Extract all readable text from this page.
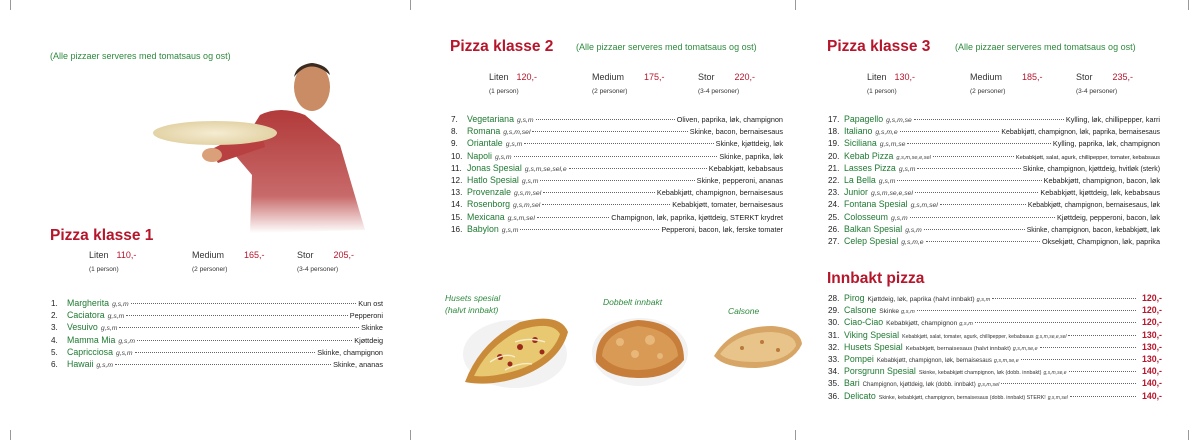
(Alle pizzaer serveres med tomatsaus og ost)
Pizza klasse 1
Liten 110,-
(1 person)
Medium 165,-
(2 personer)
Stor 205,-
(3-4 personer)
1.	Margherita g,s,m	Kun ost
2.	Caciatora g,s,m	Pepperoni
3.	Vesuivo g,s,m	Skinke
4.	Mamma Mia g,s,m	Kjøttdeig
5.	Capricciosa g,s,m	Skinke, champignon
6.	Hawaii g,s,m	Skinke, ananas
Pizza klasse 2	(Alle pizzaer serveres med tomatsaus og ost)
Liten 120,-
(1 person)
Medium 175,-
(2 personer)
Stor 220,-
(3-4 personer)
7.	Vegetariana g,s,m	Oliven, paprika, løk, champignon
8.	Romana g,s,m,sel	Skinke, bacon, bernaisesaus
9.	Oriantale g,s,m	Skinke, kjøttdeig, løk
10. Napoli g,s,m	Skinke, paprika, løk
11. Jonas Spesial g,s,m,se,sel,e	Kebabkjøtt, kebabsaus
12. Hatlo Spesial g,s,m	Skinke, pepperoni, ananas
13. Provenzale g,s,m,sel	Kebabkjøtt, champignon, bernaisesaus
14. Rosenborg g,s,m,sel	Kebabkjøtt, tomater, bernaisesaus
15. Mexicana g,s,m,sel	Champignon, løk, paprika, kjøttdeig, STERKT krydret
16. Babylon g,s,m	Pepperoni, bacon, løk, ferske tomater
Husets spesial
(halvt innbakt)
Dobbelt innbakt
Calsone
Pizza klasse 3	(Alle pizzaer serveres med tomatsaus og ost)
Liten 130,-
(1 person)
Medium 185,-
(2 personer)
Stor 235,-
(3-4 personer)
17. Papagello g,s,m,se	Kylling, løk, chillipepper, karri
18. Italiano g,s,m,e	Kebabkjøtt, champignon, løk, paprika, bernaisesaus
19. Siciliana g,s,m,se	Kylling, paprika, løk, champignon
20. Kebab Pizza g,s,m,se,e,sel	Kebabkjøtt, salat, agurk, chillipepper, tomater, kebabsaus
21. Lasses Pizza g,s,m	Skinke, champignon, kjøttdeig, hvitløk (sterk)
22. La Bella g,s,m	Kebabkjøtt, champignon, bacon, løk
23. Junior g,s,m,se,e,sel	Kebabkjøtt, kjøttdeig, løk, kebabsaus
24. Fontana Spesial g,s,m,sel	Kebabkjøtt, champignon, bernaisesaus, løk
25. Colosseum g,s,m	Kjøttdeig, pepperoni, bacon, løk
26. Balkan Spesial g,s,m	Skinke, champignon, bacon, kebabkjøtt, løk
27. Celep Spesial g,s,m,e	Oksekjøtt, Champignon, løk, paprika
Innbakt pizza
28. Pirog Kjøttdeig, løk, paprika (halvt innbakt) g,s,m	120,-
29. Calsone Skinke g,s,m	120,-
30. Ciao-Ciao Kebabkjøtt, champignon g,s,m	120,-
31. Viking Spesial Kebabkjøtt, salat, tomater, agurk, chillipepper, kebabsaus g,s,m,se,e,sel	130,-
32. Husets Spesial Kebabkjøtt, bernaisesaus (halvt innbakt) g,s,m,se,e	130,-
33. Pompei Kebabkjøtt, champignon, løk, bernaisesaus g,s,m,se,e	130,-
34. Porsgrunn Spesial Skinke, kebabkjøtt champignon, løk (dobb. innbakt) g,s,m,se,e	140,-
35. Bari Champignon, kjøttdeig, løk (dobb. innbakt) g,s,m,sel	140,-
36. Delicato Skinke, kebabkjøtt, champignon, bernaisesaus (dobb. innbakt) STERK! g,s,m,sel	140,-
